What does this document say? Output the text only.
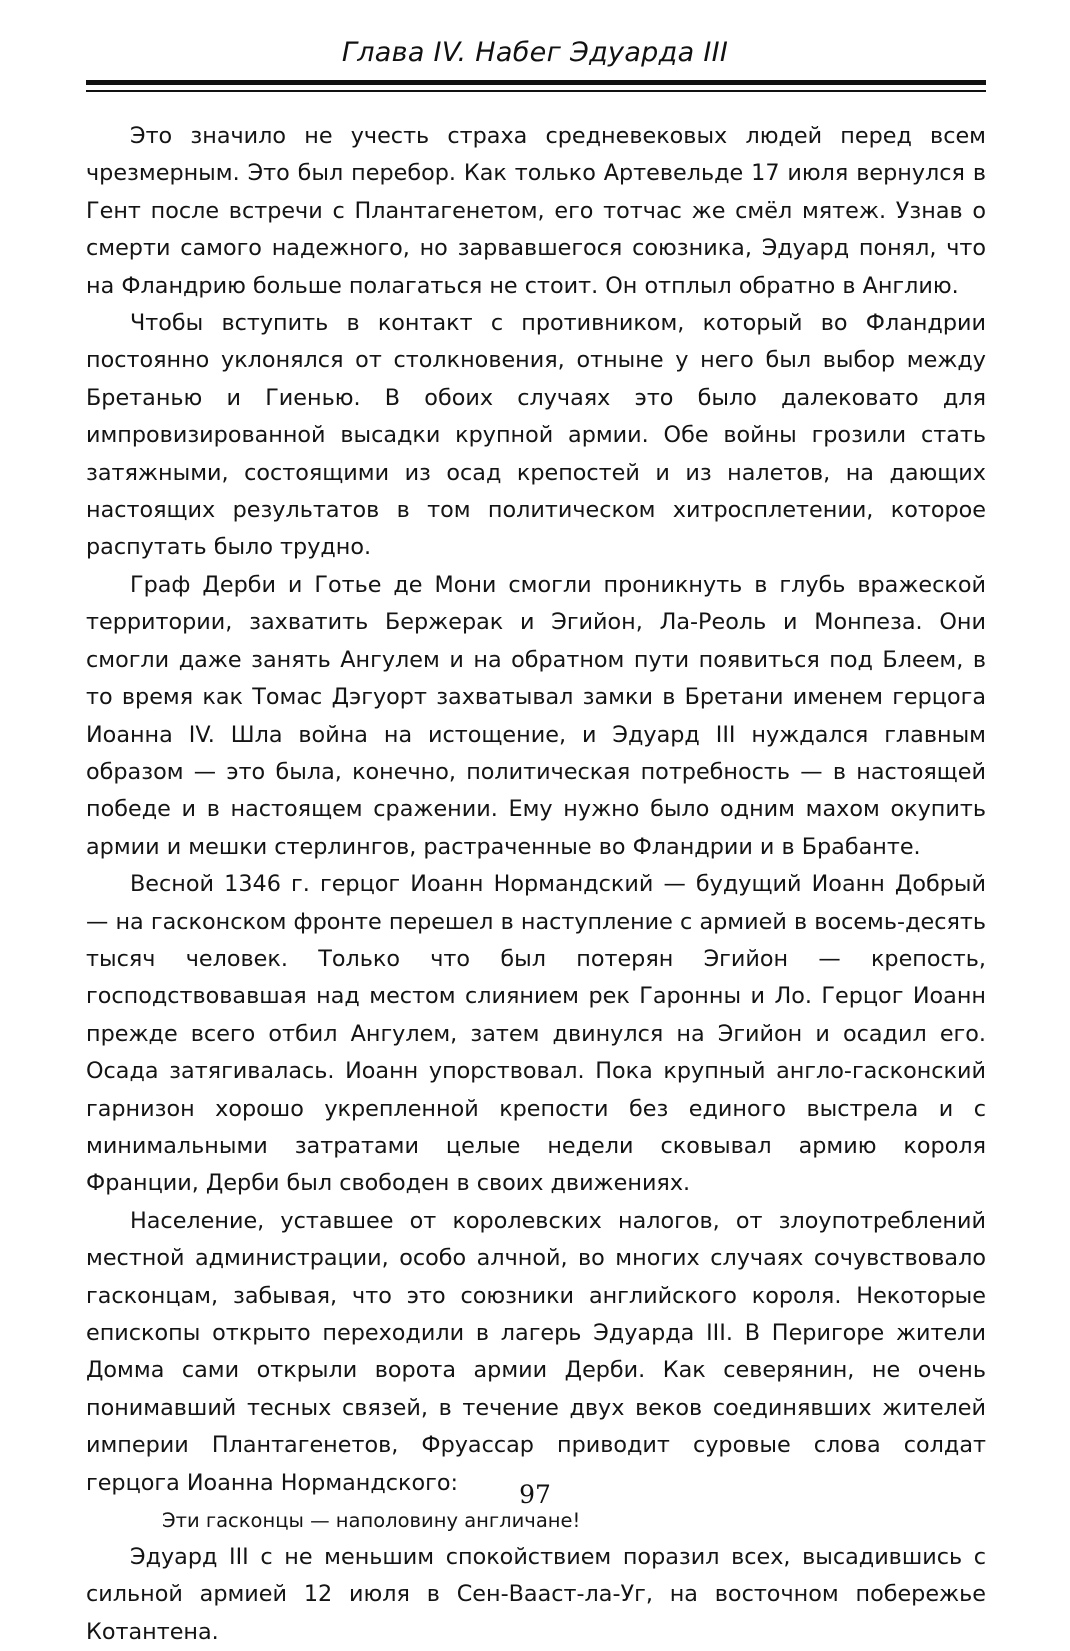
Глава IV. Набег Эдуарда III

Это значило не учесть страха средневековых людей перед всем чрезмерным. Это был перебор. Как только Артевельде 17 июля вернулся в Гент после встречи с Плантагенетом, его тотчас же смёл мятеж. Узнав о смерти самого надежного, но зарвавшегося союзника, Эдуард понял, что на Фландрию больше полагаться не стоит. Он отплыл обратно в Англию.

Чтобы вступить в контакт с противником, который во Фландрии постоянно уклонялся от столкновения, отныне у него был выбор между Бретанью и Гиенью. В обоих случаях это было далековато для импровизированной высадки крупной армии. Обе войны грозили стать затяжными, состоящими из осад крепостей и из налетов, на дающих настоящих результатов в том политическом хитросплетении, которое распутать было трудно.

Граф Дерби и Готье де Мони смогли проникнуть в глубь вражеской территории, захватить Бержерак и Эгийон, Ла-Реоль и Монпеза. Они смогли даже занять Ангулем и на обратном пути появиться под Блеем, в то время как Томас Дэгуорт захватывал замки в Бретани именем герцога Иоанна IV. Шла война на истощение, и Эдуард III нуждался главным образом — это была, конечно, политическая потребность — в настоящей победе и в настоящем сражении. Ему нужно было одним махом окупить армии и мешки стерлингов, растраченные во Фландрии и в Брабанте.

Весной 1346 г. герцог Иоанн Нормандский — будущий Иоанн Добрый — на гасконском фронте перешел в наступление с армией в восемь-десять тысяч человек. Только что был потерян Эгийон — крепость, господствовавшая над местом слиянием рек Гаронны и Ло. Герцог Иоанн прежде всего отбил Ангулем, затем двинулся на Эгийон и осадил его. Осада затягивалась. Иоанн упорствовал. Пока крупный англо-гасконский гарнизон хорошо укрепленной крепости без единого выстрела и с минимальными затратами целые недели сковывал армию короля Франции, Дерби был свободен в своих движениях.

Население, уставшее от королевских налогов, от злоупотреблений местной администрации, особо алчной, во многих случаях сочувствовало гасконцам, забывая, что это союзники английского короля. Некоторые епископы открыто переходили в лагерь Эдуарда III. В Перигоре жители Домма сами открыли ворота армии Дерби. Как северянин, не очень понимавший тесных связей, в течение двух веков соединявших жителей империи Плантагенетов, Фруассар приводит суровые слова солдат герцога Иоанна Нормандского:

Эти гасконцы — наполовину англичане!

Эдуард III с не меньшим спокойствием поразил всех, высадившись с сильной армией 12 июля в Сен-Вааст-ла-Уг, на восточном побережье Котантена.

97
